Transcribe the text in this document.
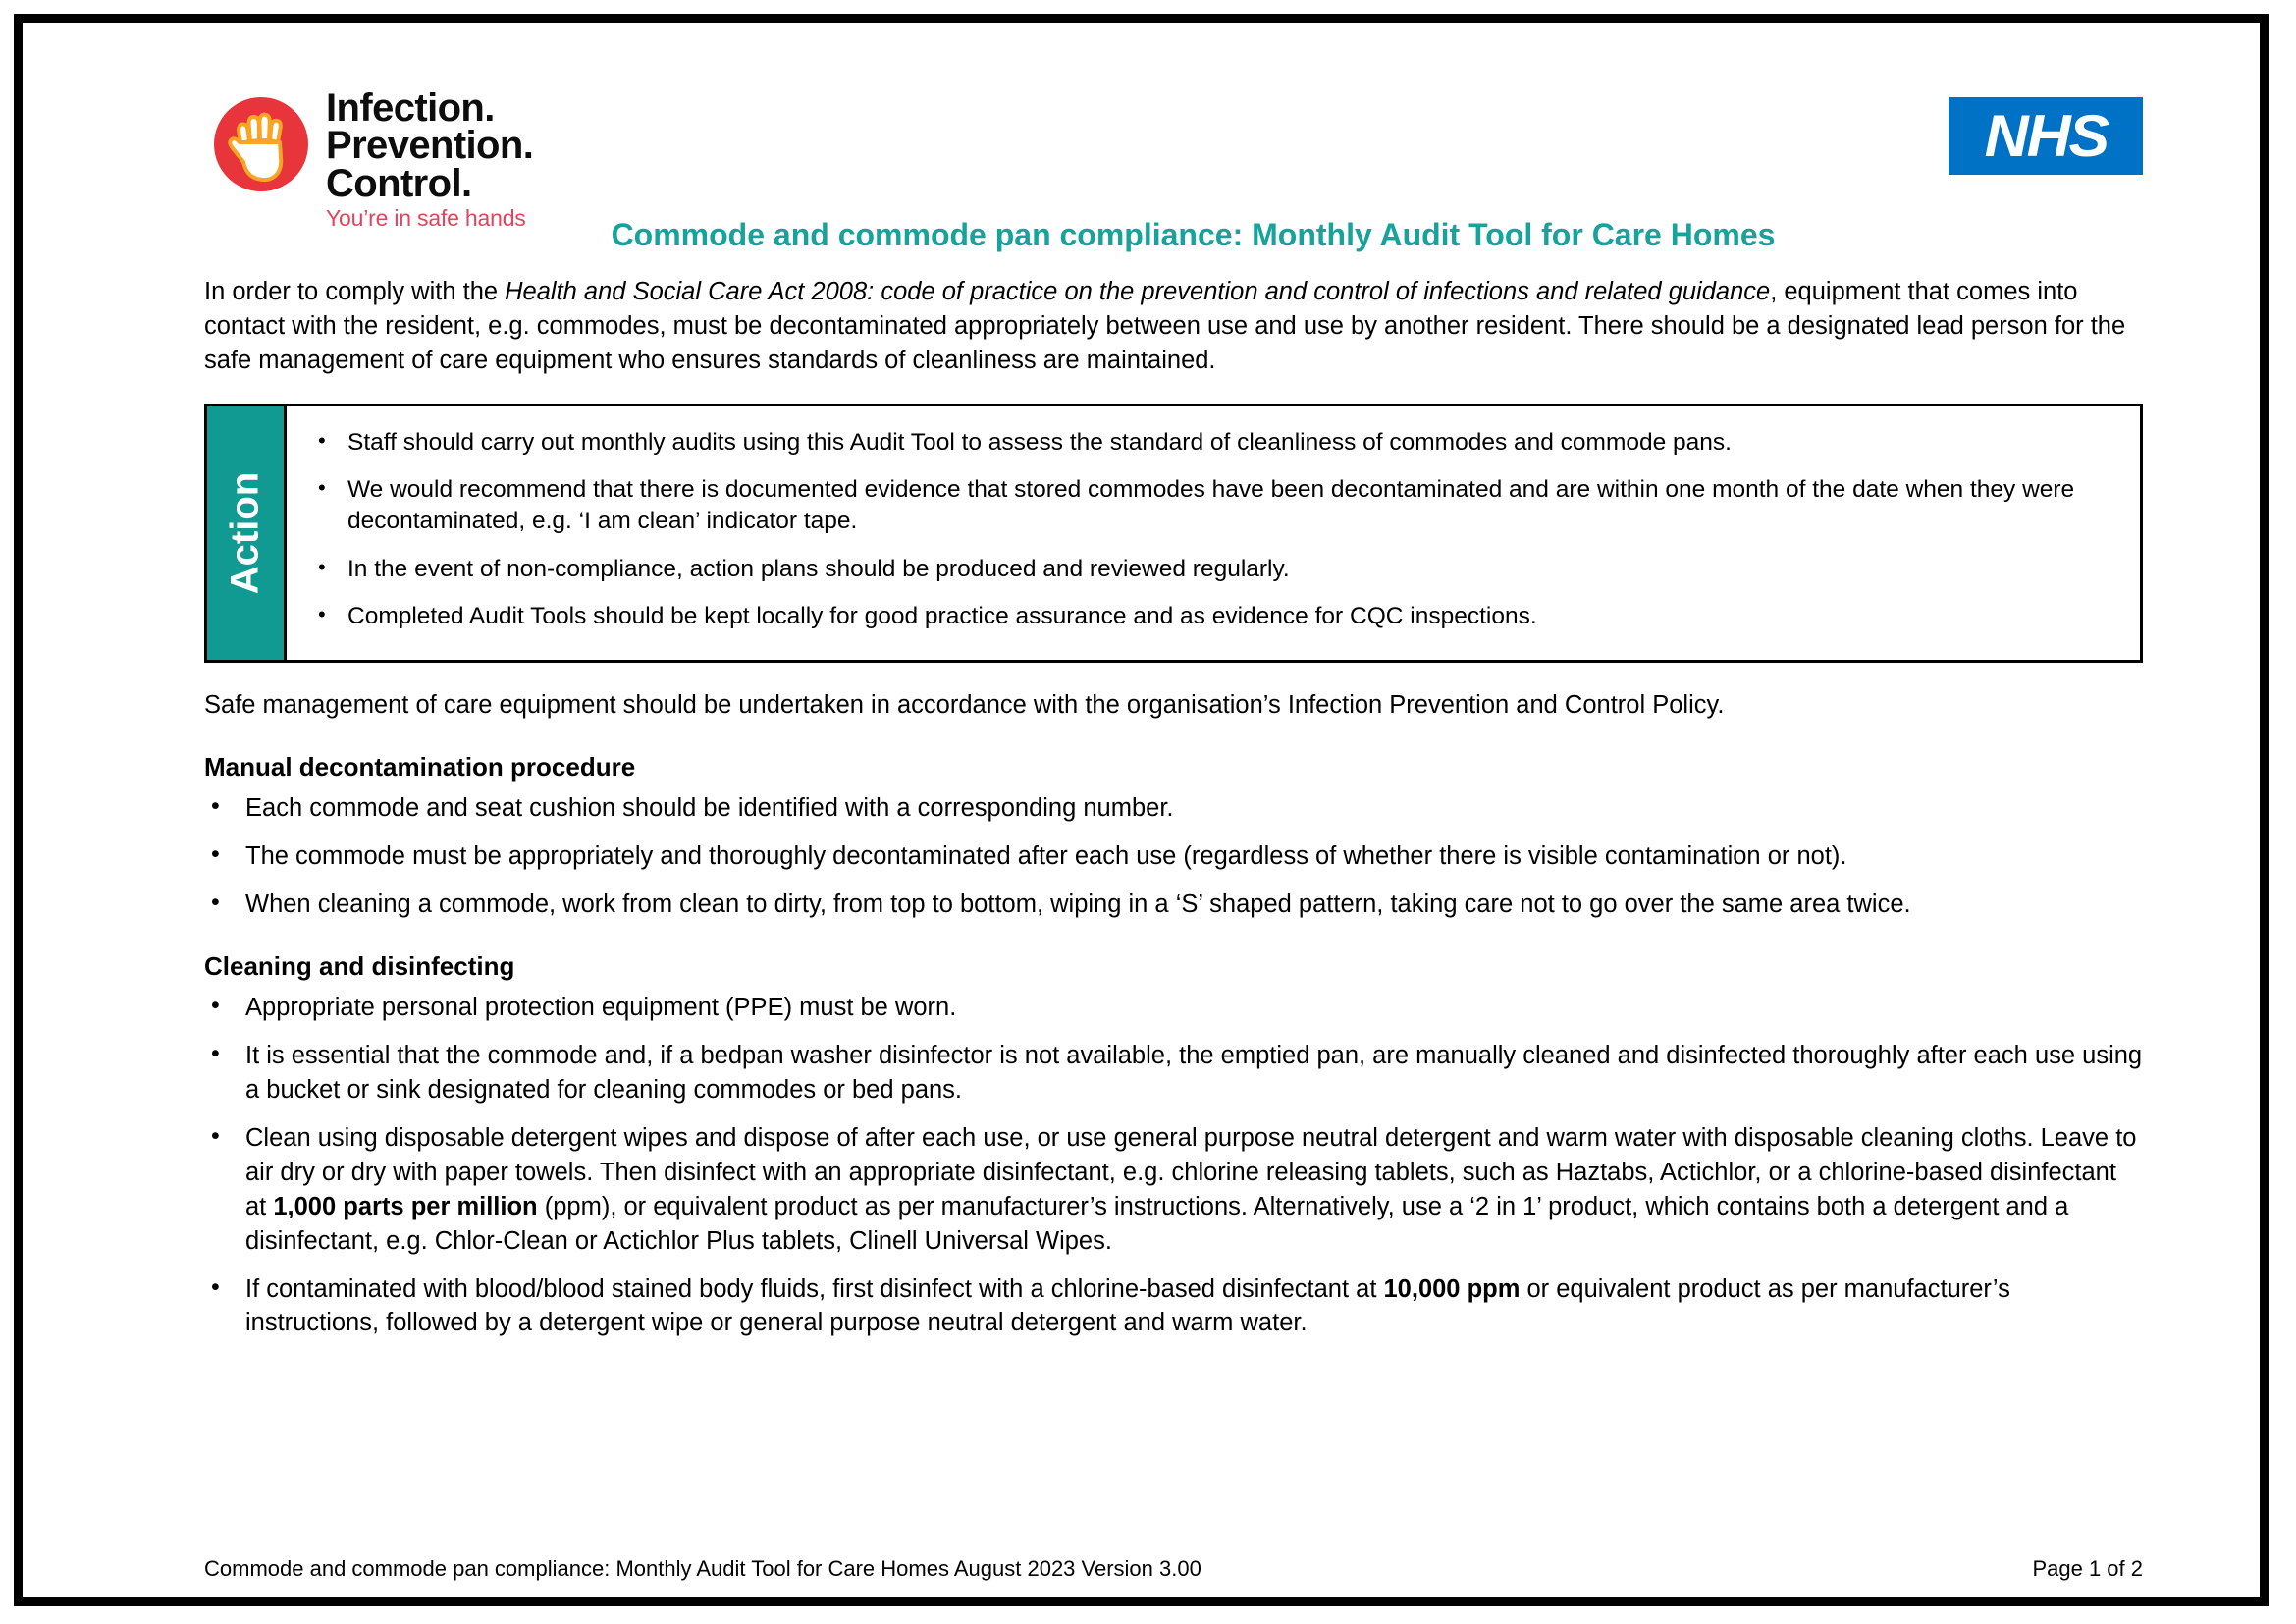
Infection.
Prevention.
Control.
You’re in safe hands
NHS
Commode and commode pan compliance: Monthly Audit Tool for Care Homes

In order to comply with the Health and Social Care Act 2008: code of practice on the prevention and control of infections and related guidance, equipment that comes into contact with the resident, e.g. commodes, must be decontaminated appropriately between use and use by another resident. There should be a designated lead person for the safe management of care equipment who ensures standards of cleanliness are maintained.

Action
• Staff should carry out monthly audits using this Audit Tool to assess the standard of cleanliness of commodes and commode pans.
• We would recommend that there is documented evidence that stored commodes have been decontaminated and are within one month of the date when they were decontaminated, e.g. ‘I am clean’ indicator tape.
• In the event of non-compliance, action plans should be produced and reviewed regularly.
• Completed Audit Tools should be kept locally for good practice assurance and as evidence for CQC inspections.

Safe management of care equipment should be undertaken in accordance with the organisation’s Infection Prevention and Control Policy.

Manual decontamination procedure
• Each commode and seat cushion should be identified with a corresponding number.
• The commode must be appropriately and thoroughly decontaminated after each use (regardless of whether there is visible contamination or not).
• When cleaning a commode, work from clean to dirty, from top to bottom, wiping in a ‘S’ shaped pattern, taking care not to go over the same area twice.
Cleaning and disinfecting
• Appropriate personal protection equipment (PPE) must be worn.
• It is essential that the commode and, if a bedpan washer disinfector is not available, the emptied pan, are manually cleaned and disinfected thoroughly after each use using a bucket or sink designated for cleaning commodes or bed pans.
• Clean using disposable detergent wipes and dispose of after each use, or use general purpose neutral detergent and warm water with disposable cleaning cloths. Leave to air dry or dry with paper towels. Then disinfect with an appropriate disinfectant, e.g. chlorine releasing tablets, such as Haztabs, Actichlor, or a chlorine-based disinfectant at 1,000 parts per million (ppm), or equivalent product as per manufacturer’s instructions. Alternatively, use a ‘2 in 1’ product, which contains both a detergent and a disinfectant, e.g. Chlor-Clean or Actichlor Plus tablets, Clinell Universal Wipes.
• If contaminated with blood/blood stained body fluids, first disinfect with a chlorine-based disinfectant at 10,000 ppm or equivalent product as per manufacturer’s instructions, followed by a detergent wipe or general purpose neutral detergent and warm water.
Commode and commode pan compliance: Monthly Audit Tool for Care Homes August 2023 Version 3.00	Page 1 of 2
